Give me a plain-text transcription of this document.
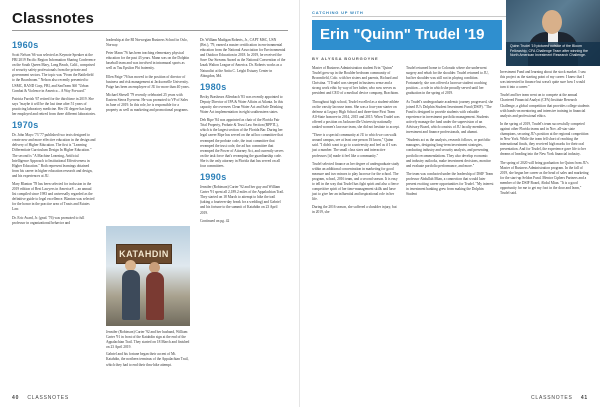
Classnotes
1960s

Scott Nelson '66 was selected as Keynote Speaker at the FBI 2019 Pacific Region Information Sharing Conference on the South Queen Mary, Long Beach, Calif., comprised of security safety professionals from the private and government sectors. The topic was "From the Battlefield to the Boardroom." Nelson also recently presented to USMC, RAND Corp, FBI, and SanTeam 360 "Urban Combat & Violence in America – A Way Forward."

Patricia Farrish '67 retired for the third time in 2019. She says "maybe it will be the last time after 51 years of practicing laboratory medicine. Her JU degree has kept her employed and retired from three different laboratories.

1970s

Dr. John Mayo '73 '77 published two texts designed to create new and more effective education in the design and delivery of Higher Education. The first is "Learning Differentiate Curriculum Design In Higher Education." The second is "A Machine Learning, Artificial Intelligence Approach to Institutional Effectiveness in Higher Education." Both represent learnings obtained from his career in higher education research and design, and his experiences at JU.

Mary Blanton '78 has been selected for inclusion in the 2019 edition of Best Lawyers in America® – an annual list compiled since 1983 and universally regarded as the definitive guide to legal excellence. Blanton was selected for the honor in the practice area of Trusts and Estates Law.

Dr. Eric Avard, Jr. (grad. '76) was promoted to full professor in organizational behavior and

leadership at the BI Norwegian Business School in Oslo, Norway.

Peter Mann '76 has been teaching elementary physical education for the past 43 years. Mann was on the Dolphin baseball team and was involved in intramural sports as well as Tau Epsilon Phi fraternity.

Ellen Paige '76 has moved to the position of director of business and risk management at Jacksonville University. Paige has been an employee of JU for more than 40 years.

Michael Shesell '79 recently celebrated 25 years with Eastern Sierra Eyewear. He was promoted to VP of Sales in June of 2019. In this role, he is responsible for a property as well as marketing and promotional programs.

Dr. William Madigan Roberts, Jr., CAPT MSC, USN (Ret.), '79, earned a master certification in environmental education from the National Association for Environmental and Outdoor Education in 2018. In 2019, he received the Save Our Streams Award as the National Convention of the Izaak Walton League of America. Dr. Roberts works as a Naturalist at the Anita C. Leight Estuary Center in Abingdon, Md.

1980s

Becky Brashears Allenbach '83 was recently appointed to Deputy Director of IPA & Water Affairs at Atlanta. In this capacity she oversees Clean Water Act and Safe Drinking Water Act implementation in eight southeastern states.

Deb Ripe '84 was appointed as chair of the Florida Fair Trial Property, Probate & Trust Law Section (RPPTL), which is the largest section of the Florida Bar. During her legal career Ripe has served on the ad hoc committee that revamped the probate code, the trust committee that revamped the trust code, the ad hoc committee that revamped the Power of Attorney Act, and currently serves on the task force that's revamping the guardianship code. She is the only attorney in Florida that has served on all four committees.

1990s

Jennifer (Robinson) Carter '92 and her guy and William Carter '91 spent all 2,189.2 miles of the Appalachian Trail. They started on 18 March to attempt to hike the trail (taking a fourteen-day break for a wedding) and Gabriel and his fortune to the summit of Katahdin on 23 April 2019.

Continued on pg. 42

KATAHDIN
40 CLASSNOTES

Jennifer (Robinson) Carter '92 and her husband, William Carter '91 in front of the Katahdin sign at the end of the Appalachian Trail. They started on 18 March and finished on 23 April 2019.

Gabriel and his fortune began their accent of Mt. Katahdin, the northern terminus of the Appalachian Trail, which they had to end their thru-hike attempt.

CATCHING UP WITH
Erin "Quinn" Trudel '19
BY ALYSSA BOURGOYNE
Quinn Trudel '19 pictured outside of the Bloom Fellowship, CFA Challenge Team after winning the North American Investment Research Challenge.

Master of Business Administration student Erin "Quinn" Trudel grew up in the Boulder bedroom community of Broomfield, Colo. with her sisters and parents, Richard and Christina. "I Trudel was steeped in business sense and a strong work ethic by way of her father, who now serves as president and CEO of a medical device company, Brachiom.

Throughout high school, Trudel excelled as a student-athlete on the varsity lacrosse team. She was a four-year starter on defense at Legacy High School and three-time First Team All-State honoree in 2014, 2015 and 2015. When Trudel was offered a position on Jacksonville University nationally ranked women's lacrosse team, she did not hesitate to accept.

"There is a special community at JU to which we can walk around campus, see at least one person I'd know," Quinn said. "I didn't want to go to a university and feel as if I was just a number. The small class sizes and interactive professors [it] made it feel like a community."

Trudel selected finance as her degree of undergraduate study within an additional concentration in marketing for good measure and two minors to play lacrosse for the school. The program, school, 2016 team, and a second season. It is easy to tell in the way that Trudel has fight spirit and also a fierce competitive spirit of her time-management skills and have just to give her an influential and inspirational role in her life.

During the 2016 season, she suffered a shoulder injury, but in 2019, she

Trudel returned home to Colorado where she underwent surgery and rehab for the shoulder. Trudel returned to JU, but her shoulder was still not in playing condition. Fortunately, she was offered a lacrosse student coaching position – a role in which she proudly served until her graduation in the spring of 2019.

As Trudel's undergraduate academic journey progressed, she joined JU's Dolphin Student Investment Fund (DSIF). "The Fund is designed to provide students with valuable experience in investment portfolio management. Students actively manage the fund under the supervision of an Advisory Board, which consists of JU faculty members, investment and finance professionals, and alumni.

"Students act as the analysts, research follows, or portfolio managers, designing long-term investment strategies, conducting industry and security analysis, and presenting portfolio recommendations. They also develop economic and industry outlooks, make investment decisions, monitor and evaluate portfolio performance, and more."

The team was conducted under the leadership of DSIF Team professor Abdullah Mian, a connection that would later present exciting career opportunities for Trudel. "My interest in investment banking grew from making the Dolphin Student

Investment Fund and learning about the stock market. I saw this project as the starting point of my career. I knew that I was interested in finance but wasn't quite sure how I would turn it into a career."

Trudel and her team went on to compete at the annual Chartered Financial Analyst (CFA) Institute Research Challenge, a global competition that provides college students with hands-on mentoring and intensive training in financial analysis and professional ethics.

In the spring of 2019, Trudel's team successfully competed against other Florida teams and in Nov. all-star state champions, securing JU's position at the regional competition in New York. While the team fell short of reaching the international finals, they received high marks for their oral presentation. And for Trudel, the experience gave life to her dreams of heading into the New York financial industry.

The spring of 2020 will bring graduation for Quinn from JU's Master of Business Administration program. In the fall of 2019, she began her career as the head of sales and marketing for the start-up Seldon Fund. Mentor Ciphers Partners and a member of the DSIF Board, Abdul Mian. "It is a good opportunity for me to get my foot in the door and learn," Trudel said.

CLASSNOTES 41
